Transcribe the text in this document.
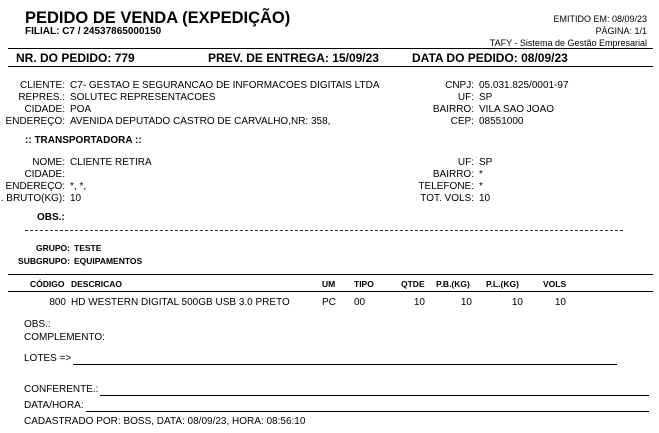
PEDIDO DE VENDA (EXPEDIÇÃO)
FILIAL: C7 / 24537865000150
EMITIDO EM: 08/09/23
PÁGINA: 1/1
TAFY - Sistema de Gestão Empresarial
NR. DO PEDIDO: 779	PREV. DE ENTREGA: 15/09/23	DATA DO PEDIDO: 08/09/23
CLIENTE: C7- GESTAO E SEGURANCAO DE INFORMACOES DIGITAIS LTDA
REPRES.: SOLUTEC REPRESENTACOES
CIDADE: POA
ENDEREÇO: AVENIDA DEPUTADO CASTRO DE CARVALHO,NR: 358,
CNPJ: 05.031.825/0001-97
UF: SP
BAIRRO: VILA SAO JOAO
CEP: 08551000
:: TRANSPORTADORA ::
NOME: CLIENTE RETIRA
CIDADE:
ENDEREÇO: *, *,
. BRUTO(KG): 10
UF: SP
BAIRRO: *
TELEFONE: *
TOT. VOLS: 10
OBS.:
GRUPO: TESTE
SUBGRUPO: EQUIPAMENTOS
CÓDIGO DESCRICAO	UM TIPO	QTDE P.B.(KG) P.L.(KG)	VOLS
800 HD WESTERN DIGITAL 500GB USB 3.0 PRETO	PC 00	10	10	10	10
OBS.:
COMPLEMENTO:
LOTES =>
CONFERENTE.:
DATA/HORA:
CADASTRADO POR: BOSS, DATA: 08/09/23, HORA: 08:56:10
